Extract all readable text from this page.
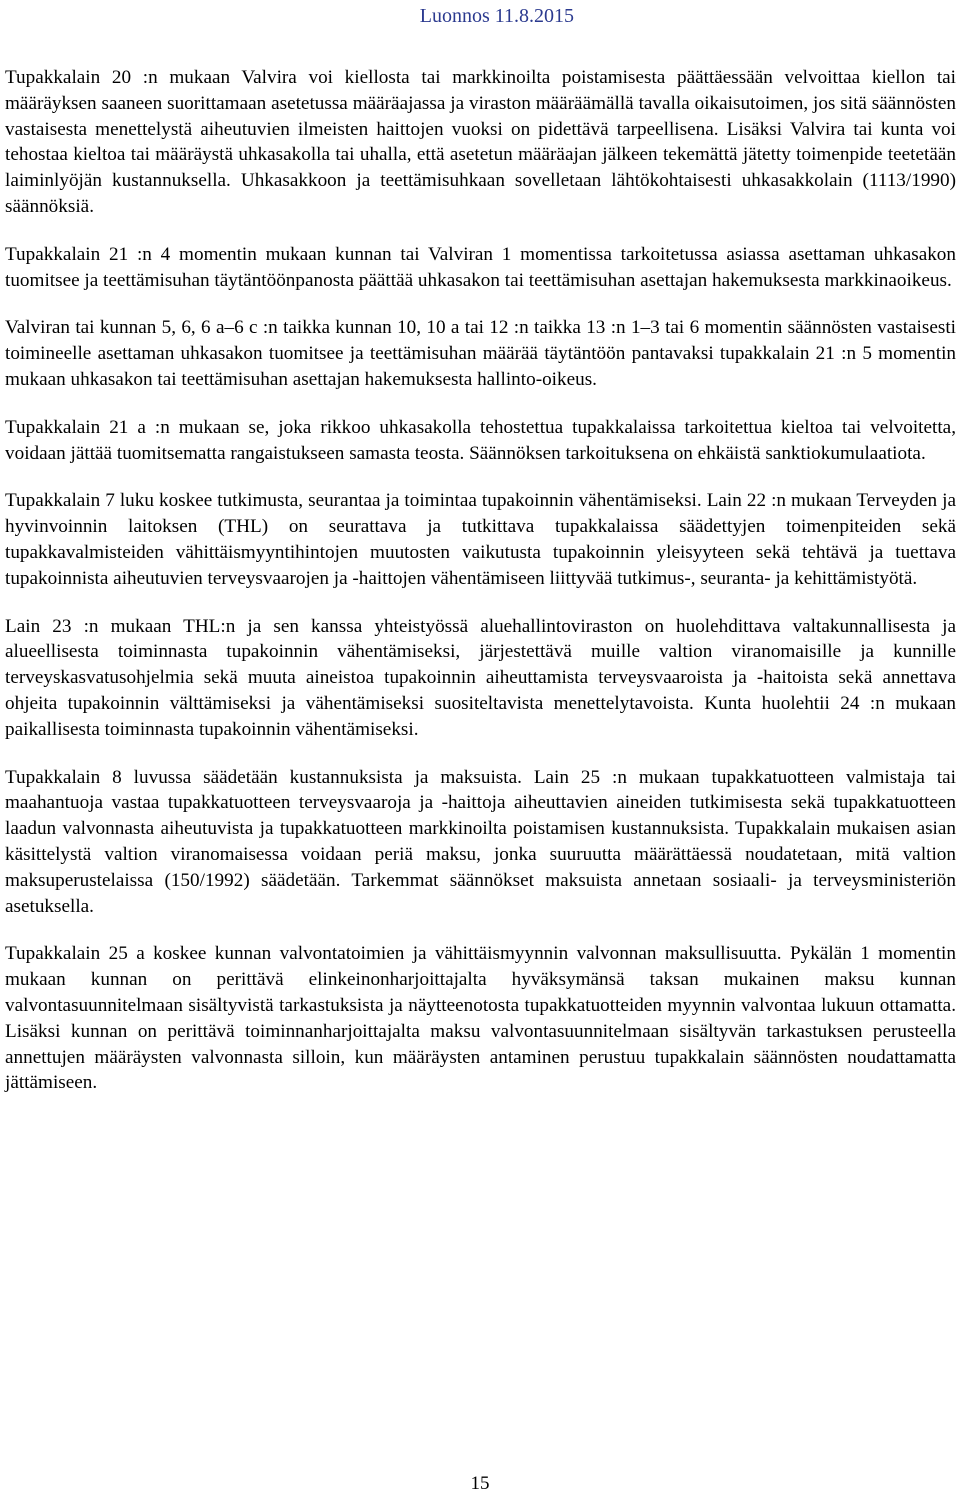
Luonnos 11.8.2015

Tupakkalain 20 :n mukaan Valvira voi kiellosta tai markkinoilta poistamisesta päättäessään velvoittaa kiellon tai määräyksen saaneen suorittamaan asetetussa määräajassa ja viraston määräämällä tavalla oikaisutoimen, jos sitä säännösten vastaisesta menettelystä aiheutuvien ilmeisten haittojen vuoksi on pidettävä tarpeellisena. Lisäksi Valvira tai kunta voi tehostaa kieltoa tai määräystä uhkasakolla tai uhalla, että asetetun määräajan jälkeen tekemättä jätetty toimenpide teetetään laiminlyöjän kustannuksella. Uhkasakkoon ja teettämisuhkaan sovelletaan lähtökohtaisesti uhkasakkolain (1113/1990) säännöksiä.

Tupakkalain 21 :n 4 momentin mukaan kunnan tai Valviran 1 momentissa tarkoitetussa asiassa asettaman uhkasakon tuomitsee ja teettämisuhan täytäntöönpanosta päättää uhkasakon tai teettämisuhan asettajan hakemuksesta markkinaoikeus.

Valviran tai kunnan 5, 6, 6 a–6 c :n taikka kunnan 10, 10 a tai 12 :n taikka 13 :n 1–3 tai 6 momentin säännösten vastaisesti toimineelle asettaman uhkasakon tuomitsee ja teettämisuhan määrää täytäntöön pantavaksi tupakkalain 21 :n 5 momentin mukaan uhkasakon tai teettämisuhan asettajan hakemuksesta hallinto-oikeus.

Tupakkalain 21 a :n mukaan se, joka rikkoo uhkasakolla tehostettua tupakkalaissa tarkoitettua kieltoa tai velvoitetta, voidaan jättää tuomitsematta rangaistukseen samasta teosta. Säännöksen tarkoituksena on ehkäistä sanktiokumulaatiota.

Tupakkalain 7 luku koskee tutkimusta, seurantaa ja toimintaa tupakoinnin vähentämiseksi. Lain 22 :n mukaan Terveyden ja hyvinvoinnin laitoksen (THL) on seurattava ja tutkittava tupakkalaissa säädettyjen toimenpiteiden sekä tupakkavalmisteiden vähittäismyyntihintojen muutosten vaikutusta tupakoinnin yleisyyteen sekä tehtävä ja tuettava tupakoinnista aiheutuvien terveysvaarojen ja -haittojen vähentämiseen liittyvää tutkimus-, seuranta- ja kehittämistyötä.

Lain 23 :n mukaan THL:n ja sen kanssa yhteistyössä aluehallintoviraston on huolehdittava valtakunnallisesta ja alueellisesta toiminnasta tupakoinnin vähentämiseksi, järjestettävä muille valtion viranomaisille ja kunnille terveyskasvatusohjelmia sekä muuta aineistoa tupakoinnin aiheuttamista terveysvaaroista ja -haitoista sekä annettava ohjeita tupakoinnin välttämiseksi ja vähentämiseksi suositeltavista menettelytavoista. Kunta huolehtii 24 :n mukaan paikallisesta toiminnasta tupakoinnin vähentämiseksi.

Tupakkalain 8 luvussa säädetään kustannuksista ja maksuista. Lain 25 :n mukaan tupakkatuotteen valmistaja tai maahantuoja vastaa tupakkatuotteen terveysvaaroja ja -haittoja aiheuttavien aineiden tutkimisesta sekä tupakkatuotteen laadun valvonnasta aiheutuvista ja tupakkatuotteen markkinoilta poistamisen kustannuksista. Tupakkalain mukaisen asian käsittelystä valtion viranomaisessa voidaan periä maksu, jonka suuruutta määrättäessä noudatetaan, mitä valtion maksuperustelaissa (150/1992) säädetään. Tarkemmat säännökset maksuista annetaan sosiaali- ja terveysministeriön asetuksella.

Tupakkalain 25 a koskee kunnan valvontatoimien ja vähittäismyynnin valvonnan maksullisuutta. Pykälän 1 momentin mukaan kunnan on perittävä elinkeinonharjoittajalta hyväksymänsä taksan mukainen maksu kunnan valvontasuunnitelmaan sisältyvistä tarkastuksista ja näytteenotosta tupakkatuotteiden myynnin valvontaa lukuun ottamatta. Lisäksi kunnan on perittävä toiminnanharjoittajalta maksu valvontasuunnitelmaan sisältyvän tarkastuksen perusteella annettujen määräysten valvonnasta silloin, kun määräysten antaminen perustuu tupakkalain säännösten noudattamatta jättämiseen.

15
